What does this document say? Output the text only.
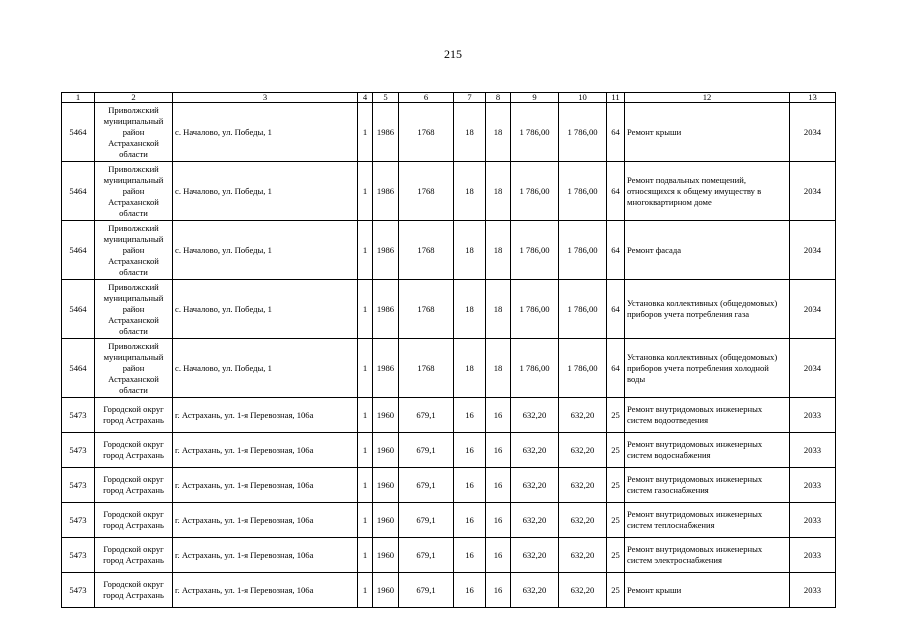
215
1	2	3	4	5	6	7	8	9	10	11	12	13
5464	Приволжский муниципальный район Астраханской области	с. Началово, ул. Победы, 1	1	1986	1768	18	18	1 786,00	1 786,00	64	Ремонт крыши	2034
5464	Приволжский муниципальный район Астраханской области	с. Началово, ул. Победы, 1	1	1986	1768	18	18	1 786,00	1 786,00	64	Ремонт подвальных помещений, относящихся к общему имуществу в многоквартирном доме	2034
5464	Приволжский муниципальный район Астраханской области	с. Началово, ул. Победы, 1	1	1986	1768	18	18	1 786,00	1 786,00	64	Ремонт фасада	2034
5464	Приволжский муниципальный район Астраханской области	с. Началово, ул. Победы, 1	1	1986	1768	18	18	1 786,00	1 786,00	64	Установка коллективных (общедомовых) приборов учета потребления газа	2034
5464	Приволжский муниципальный район Астраханской области	с. Началово, ул. Победы, 1	1	1986	1768	18	18	1 786,00	1 786,00	64	Установка коллективных (общедомовых) приборов учета потребления холодной воды	2034
5473	Городской округ город Астрахань	г. Астрахань, ул. 1-я Перевозная, 106а	1	1960	679,1	16	16	632,20	632,20	25	Ремонт внутридомовых инженерных систем водоотведения	2033
5473	Городской округ город Астрахань	г. Астрахань, ул. 1-я Перевозная, 106а	1	1960	679,1	16	16	632,20	632,20	25	Ремонт внутридомовых инженерных систем водоснабжения	2033
5473	Городской округ город Астрахань	г. Астрахань, ул. 1-я Перевозная, 106а	1	1960	679,1	16	16	632,20	632,20	25	Ремонт внутридомовых инженерных систем газоснабжения	2033
5473	Городской округ город Астрахань	г. Астрахань, ул. 1-я Перевозная, 106а	1	1960	679,1	16	16	632,20	632,20	25	Ремонт внутридомовых инженерных систем теплоснабжения	2033
5473	Городской округ город Астрахань	г. Астрахань, ул. 1-я Перевозная, 106а	1	1960	679,1	16	16	632,20	632,20	25	Ремонт внутридомовых инженерных систем электроснабжения	2033
5473	Городской округ город Астрахань	г. Астрахань, ул. 1-я Перевозная, 106а	1	1960	679,1	16	16	632,20	632,20	25	Ремонт крыши	2033
